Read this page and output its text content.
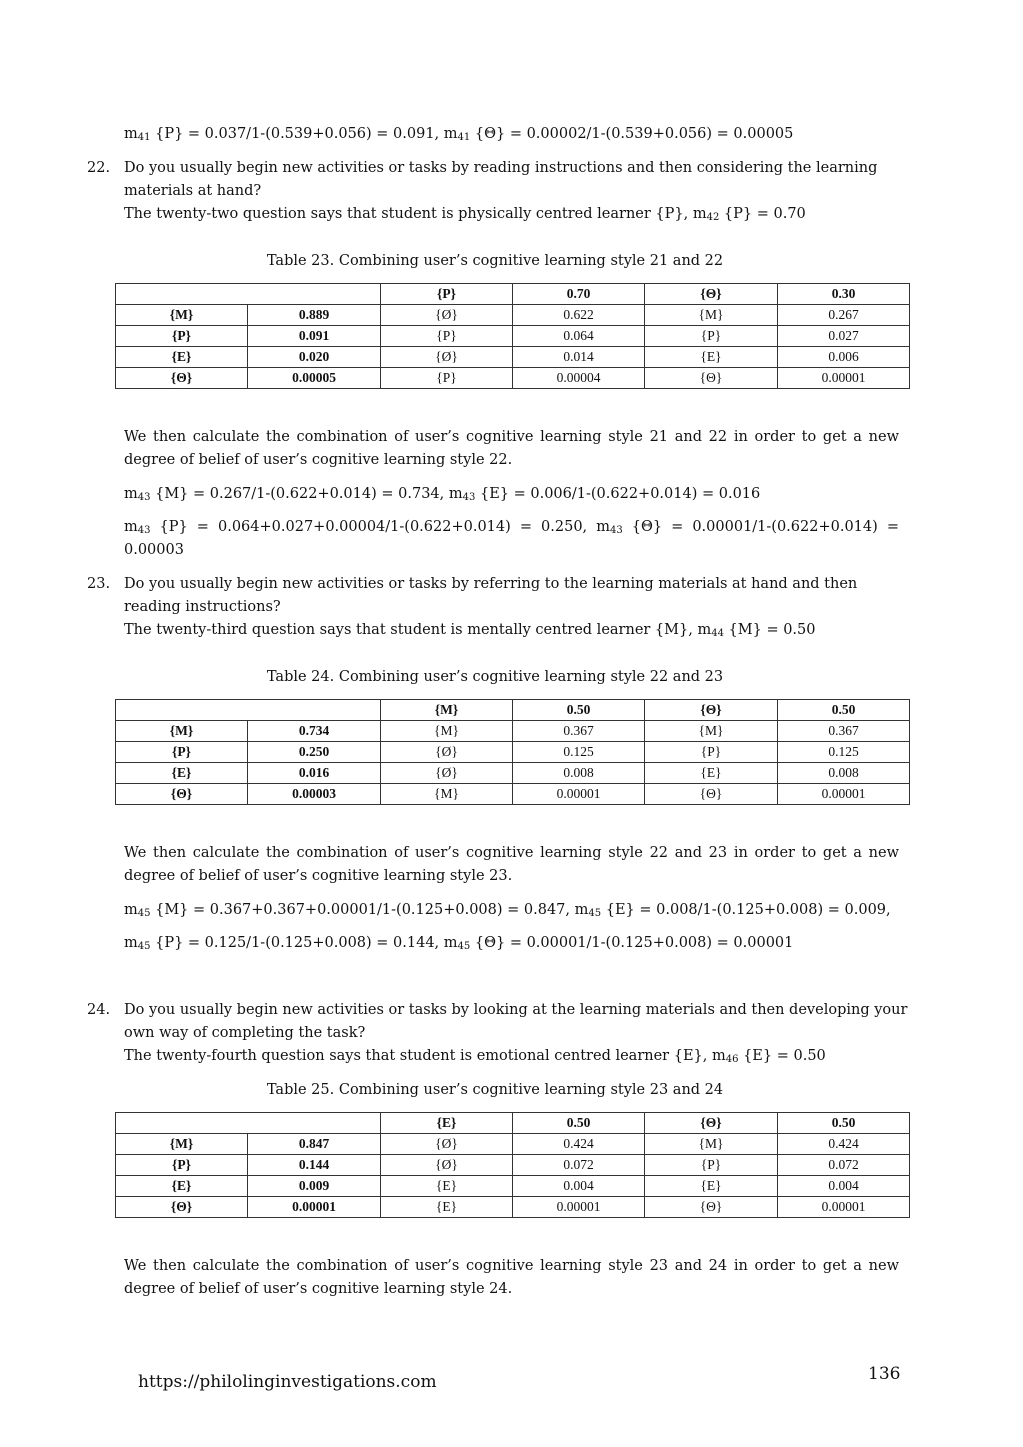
$m_{41}$ {P} = 0.037/1-(0.539+0.056) = 0.091, $m_{41}$ {Θ} = 0.00002/1-(0.539+0.056) = 0.00005
22. Do you usually begin new activities or tasks by reading instructions and then considering the learning
materials at hand?
The twenty-two question says that student is physically centred learner {P}, $m_{42}$ {P} = 0.70
Table 23. Combining user’s cognitive learning style 21 and 22
		{P}	0.70	{Θ}	0.30
{M}	0.889	{Ø}	0.622	{M}	0.267
{P}	0.091	{P}	0.064	{P}	0.027
{E}	0.020	{Ø}	0.014	{E}	0.006
{Θ}	0.00005	{P}	0.00004	{Θ}	0.00001
We then calculate the combination of user’s cognitive learning style 21 and 22 in order to get a new
degree of belief of user’s cognitive learning style 22.
$m_{43}$ {M} = 0.267/1-(0.622+0.014) = 0.734, $m_{43}$ {E} = 0.006/1-(0.622+0.014) = 0.016
$m_{43}$ {P} = 0.064+0.027+0.00004/1-(0.622+0.014) = 0.250, $m_{43}$ {Θ} = 0.00001/1-(0.622+0.014) =
0.00003
23. Do you usually begin new activities or tasks by referring to the learning materials at hand and then
reading instructions?
The twenty-third question says that student is mentally centred learner {M}, $m_{44}$ {M} = 0.50
Table 24. Combining user’s cognitive learning style 22 and 23
		{M}	0.50	{Θ}	0.50
{M}	0.734	{M}	0.367	{M}	0.367
{P}	0.250	{Ø}	0.125	{P}	0.125
{E}	0.016	{Ø}	0.008	{E}	0.008
{Θ}	0.00003	{M}	0.00001	{Θ}	0.00001
We then calculate the combination of user’s cognitive learning style 22 and 23 in order to get a new
degree of belief of user’s cognitive learning style 23.
$m_{45}$ {M} = 0.367+0.367+0.00001/1-(0.125+0.008) = 0.847, $m_{45}$ {E} = 0.008/1-(0.125+0.008) = 0.009,
$m_{45}$ {P} = 0.125/1-(0.125+0.008) = 0.144, $m_{45}$ {Θ} = 0.00001/1-(0.125+0.008) = 0.00001
24. Do you usually begin new activities or tasks by looking at the learning materials and then developing your
own way of completing the task?
The twenty-fourth question says that student is emotional centred learner {E}, $m_{46}$ {E} = 0.50
Table 25. Combining user’s cognitive learning style 23 and 24
		{E}	0.50	{Θ}	0.50
{M}	0.847	{Ø}	0.424	{M}	0.424
{P}	0.144	{Ø}	0.072	{P}	0.072
{E}	0.009	{E}	0.004	{E}	0.004
{Θ}	0.00001	{E}	0.00001	{Θ}	0.00001
We then calculate the combination of user’s cognitive learning style 23 and 24 in order to get a new
degree of belief of user’s cognitive learning style 24.
https://philolinginvestigations.com	136
